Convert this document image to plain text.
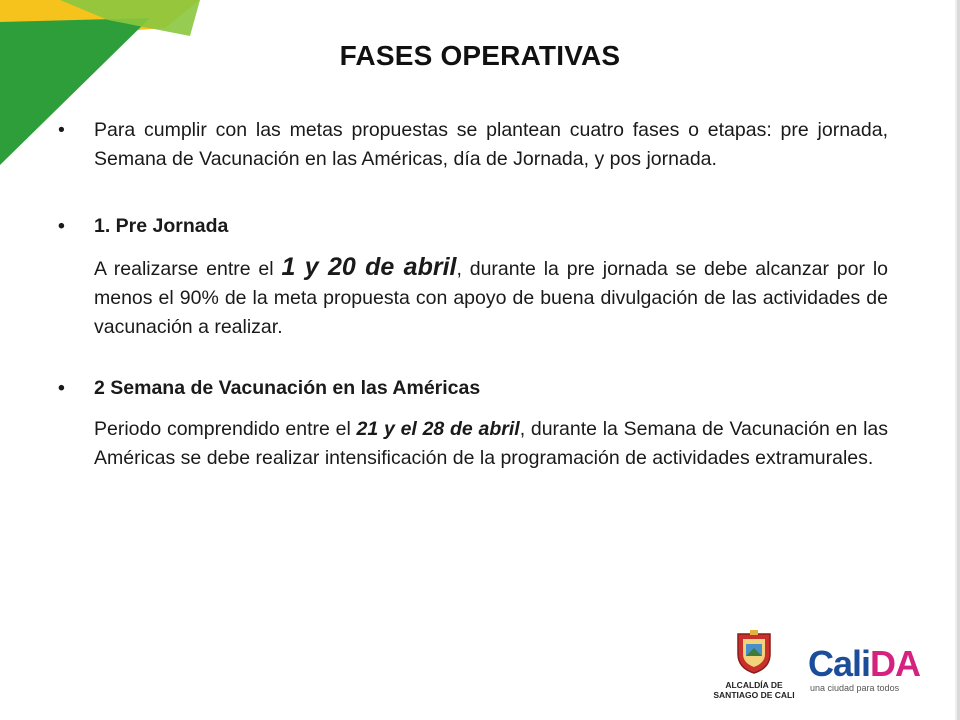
FASES OPERATIVAS
• Para cumplir con las metas propuestas se plantean cuatro fases o etapas: pre jornada, Semana de Vacunación en las Américas, día de Jornada, y pos jornada.
• 1. Pre Jornada
A realizarse entre el 1 y 20 de abril, durante la pre jornada se debe alcanzar por lo menos el 90% de la meta propuesta con apoyo de buena divulgación de las actividades de vacunación a realizar.
• 2 Semana de Vacunación en las Américas
Periodo comprendido entre el 21 y el 28 de abril, durante la Semana de Vacunación en las Américas se debe realizar intensificación de la programación de actividades extramurales.
ALCALDÍA DE
SANTIAGO DE CALI
CaliDA
una ciudad para todos
